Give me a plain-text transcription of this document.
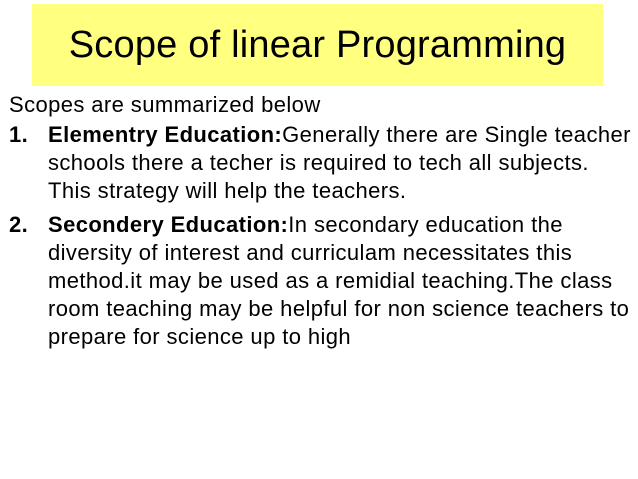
Scope of linear Programming
Scopes are summarized below
1. Elementry Education:Generally there are Single teacher schools there a techer is required to tech all subjects. This strategy will help the teachers.
2. Secondery Education:In secondary education the diversity of interest and curriculam necessitates this method.it may be used as a remidial teaching.The class room teaching may be helpful for non science teachers to prepare for science up to high
